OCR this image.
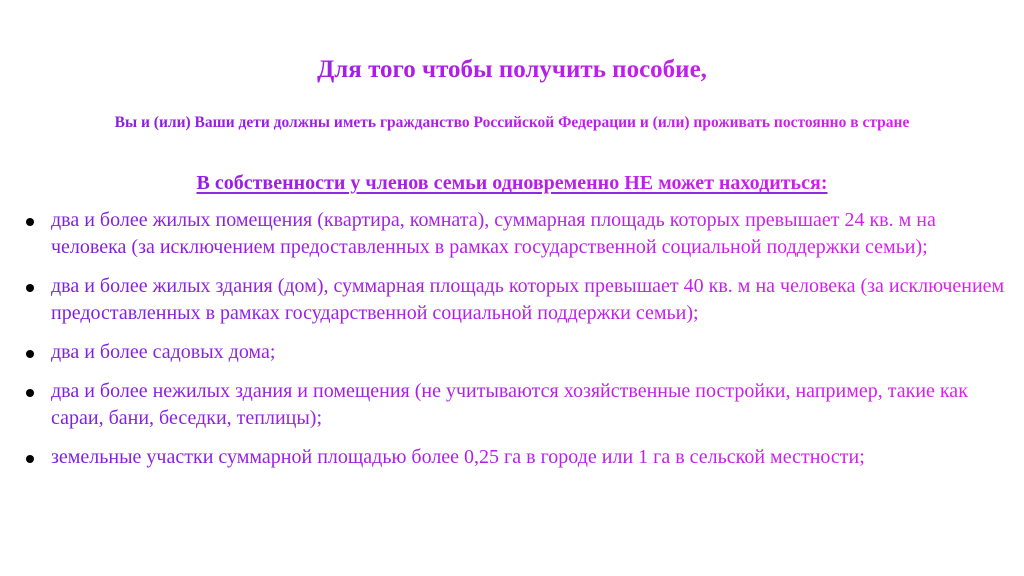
Для того чтобы получить пособие,
Вы и (или) Ваши дети должны иметь гражданство Российской Федерации и (или) проживать постоянно в стране
В собственности у членов семьи одновременно НЕ может находиться:
два и более жилых помещения (квартира, комната), суммарная площадь которых превышает 24 кв. м на человека (за исключением предоставленных в рамках государственной социальной поддержки семьи);
два и более жилых здания (дом), суммарная площадь которых превышает 40 кв. м на человека (за исключением предоставленных в рамках государственной социальной поддержки семьи);
два и более садовых дома;
два и более нежилых здания и помещения (не учитываются хозяйственные постройки, например, такие как сараи, бани, беседки, теплицы);
земельные участки суммарной площадью более 0,25 га в городе или 1 га в сельской местности;
